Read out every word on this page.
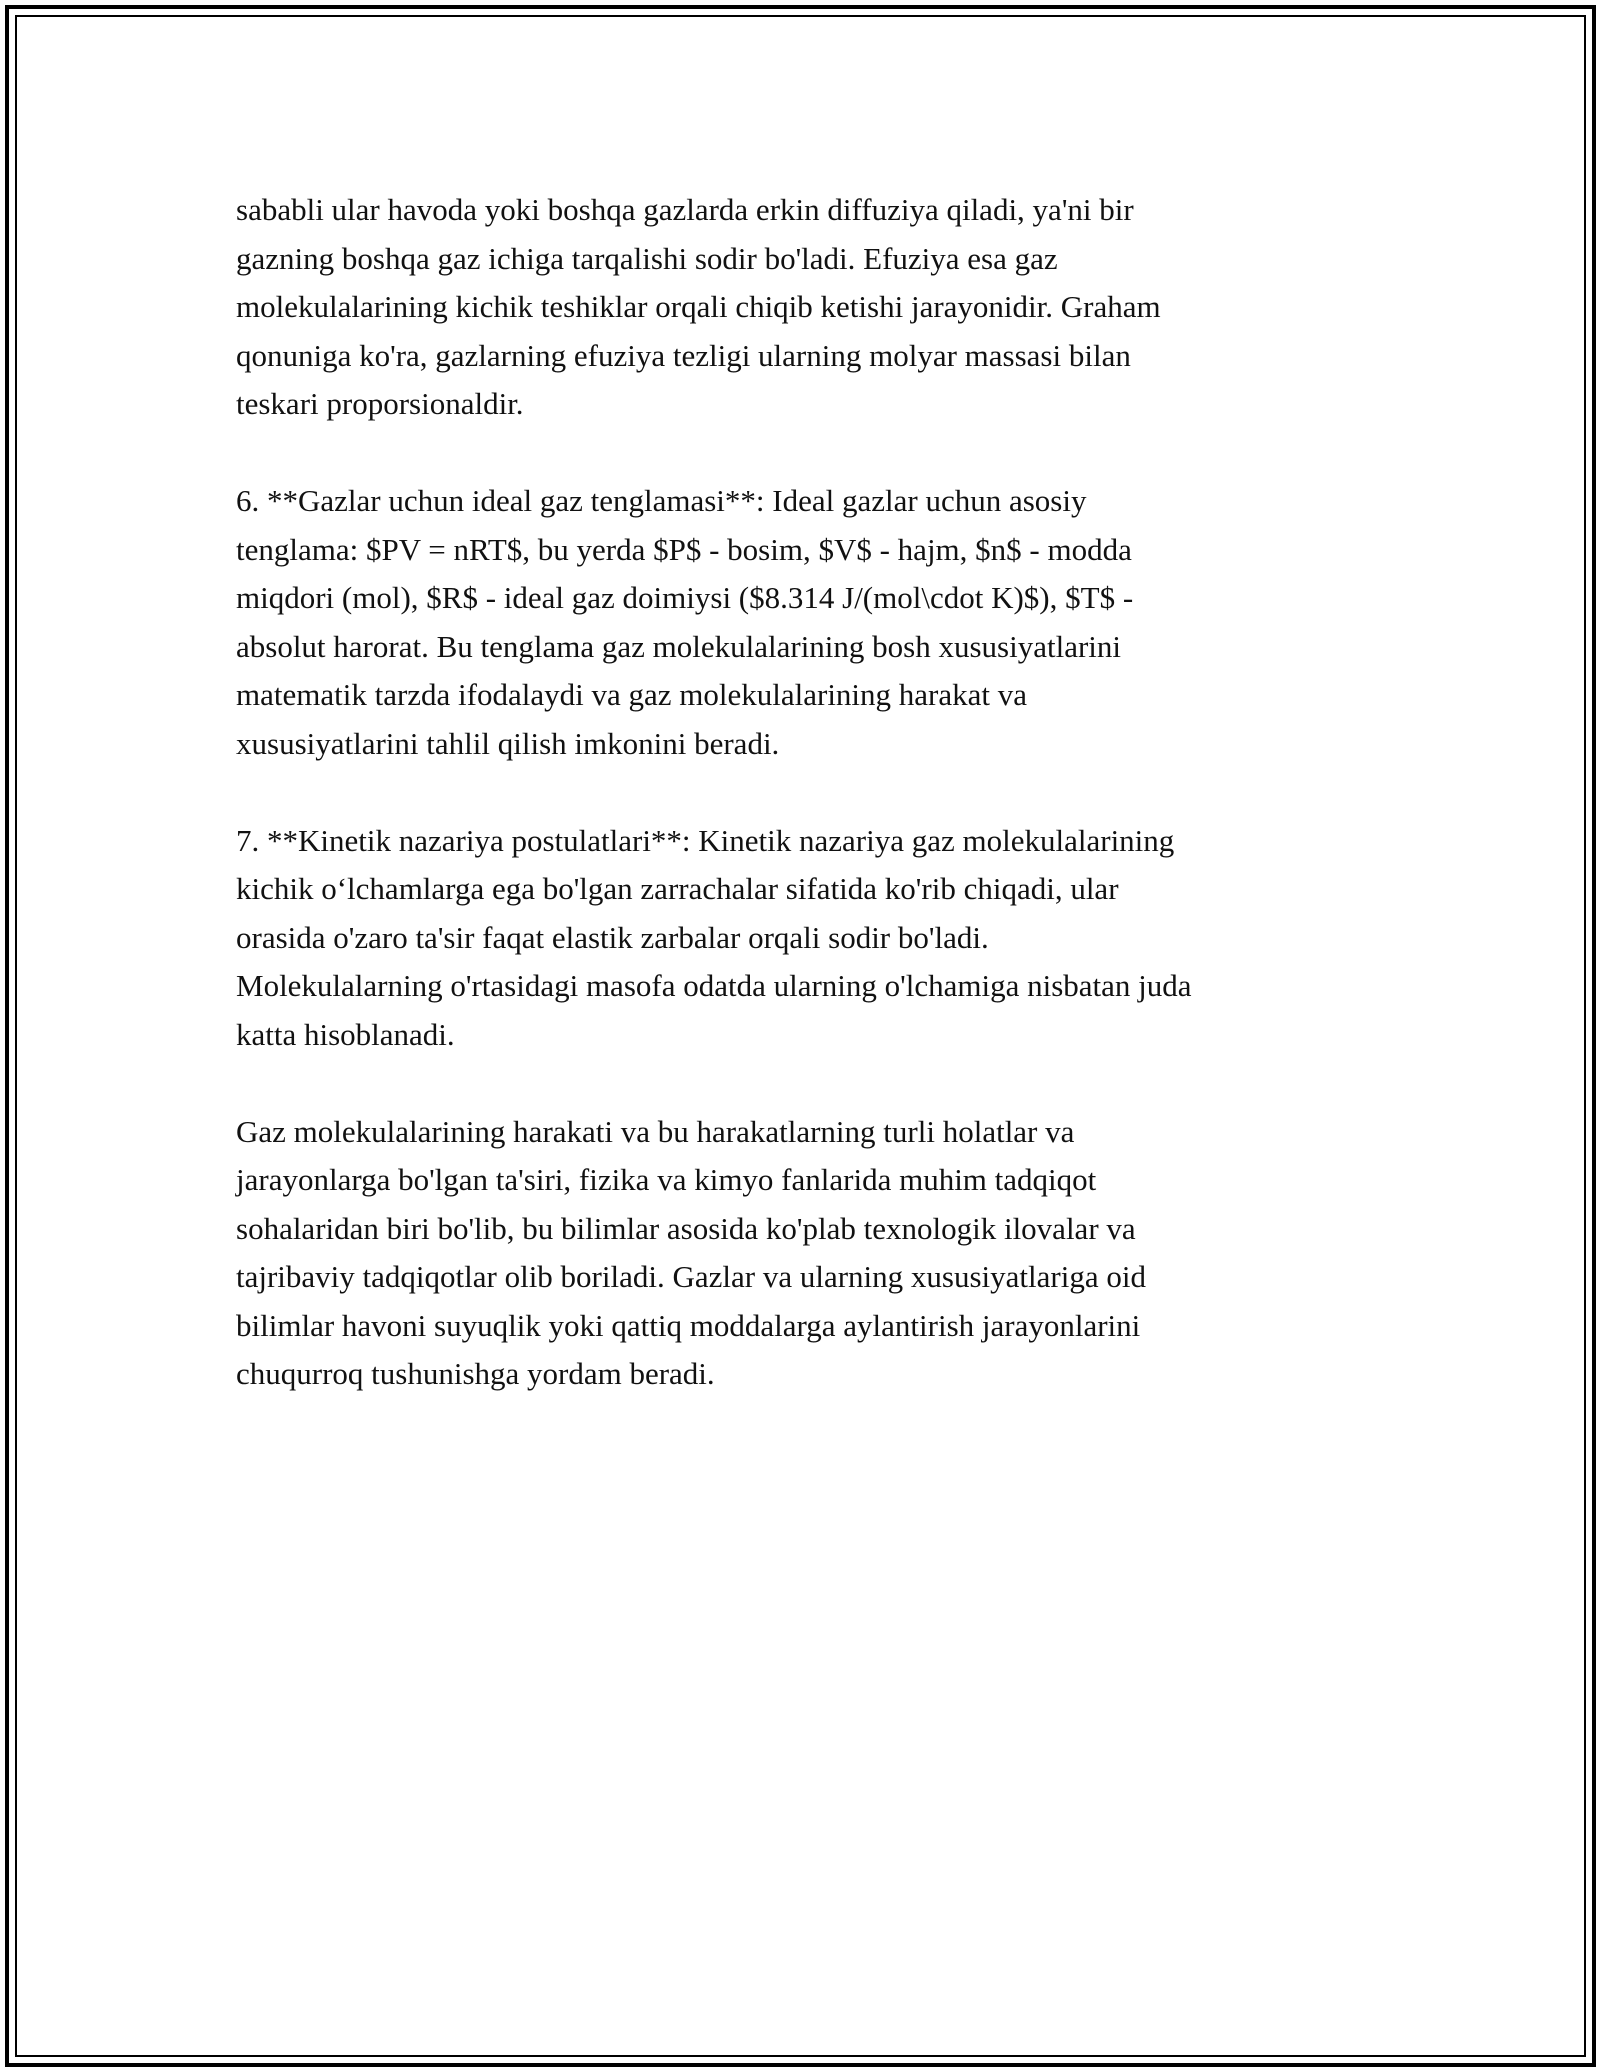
sababli ular havoda yoki boshqa gazlarda erkin diffuziya qiladi, ya'ni bir
gazning boshqa gaz ichiga tarqalishi sodir bo'ladi. Efuziya esa gaz
molekulalarining kichik teshiklar orqali chiqib ketishi jarayonidir. Graham
qonuniga ko'ra, gazlarning efuziya tezligi ularning molyar massasi bilan
teskari proporsionaldir.

6. **Gazlar uchun ideal gaz tenglamasi**: Ideal gazlar uchun asosiy
tenglama: $PV = nRT$, bu yerda $P$ - bosim, $V$ - hajm, $n$ - modda
miqdori (mol), $R$ - ideal gaz doimiysi ($8.314 J/(mol\cdot K)$), $T$ -
absolut harorat. Bu tenglama gaz molekulalarining bosh xususiyatlarini
matematik tarzda ifodalaydi va gaz molekulalarining harakat va
xususiyatlarini tahlil qilish imkonini beradi.

7. **Kinetik nazariya postulatlari**: Kinetik nazariya gaz molekulalarining
kichik o‘lchamlarga ega bo'lgan zarrachalar sifatida ko'rib chiqadi, ular
orasida o'zaro ta'sir faqat elastik zarbalar orqali sodir bo'ladi.
Molekulalarning o'rtasidagi masofa odatda ularning o'lchamiga nisbatan juda
katta hisoblanadi.

Gaz molekulalarining harakati va bu harakatlarning turli holatlar va
jarayonlarga bo'lgan ta'siri, fizika va kimyo fanlarida muhim tadqiqot
sohalaridan biri bo'lib, bu bilimlar asosida ko'plab texnologik ilovalar va
tajribaviy tadqiqotlar olib boriladi. Gazlar va ularning xususiyatlariga oid
bilimlar havoni suyuqlik yoki qattiq moddalarga aylantirish jarayonlarini
chuqurroq tushunishga yordam beradi.
